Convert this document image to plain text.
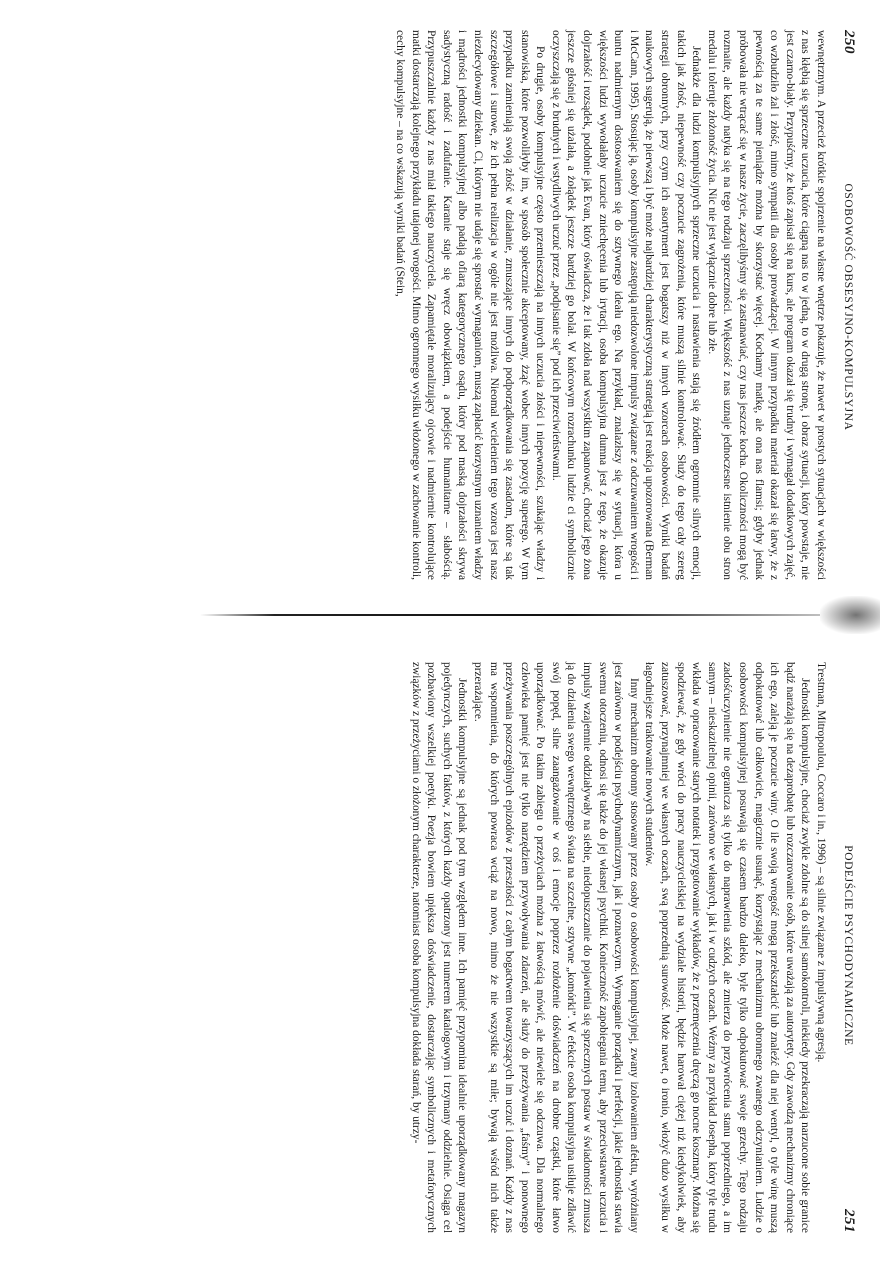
250
OSOBOWOŚĆ OBSESYJNO-KOMPULSYJNA

wewnętrznym. A przecież krótkie spojrzenie na własne wnętrze pokazuje, że nawet w prostych sytuacjach w większości z nas kłębią się sprzeczne uczucia, które ciągną nas to w jedną, to w drugą stronę, i obraz sytuacji, który powstaje, nie jest czarno-biały. Przypuśćmy, że ktoś zapisał się na kurs, ale program okazał się trudny i wymagał dodatkowych zajęć, co wzbudziło żal i złość, mimo sympatii dla osoby prowadzącej. W innym przypadku materiał okazał się łatwy, że z pewnością za te same pieniądze można by skorzystać więcej. Kochamy matkę, ale ona nas flamsi; gdyby jednak próbowała nie wtrącać się w nasze życie, zaczęlibyśmy się zastanawiać, czy nas jeszcze kocha. Okoliczności mogą być rozmaite, ale każdy natyka się na tego rodzaju sprzeczności. Większość z nas uznaje jednoczesne istnienie obu stron medalu i toleruje złożoność życia. Nic nie jest wyłącznie dobre lub złe.

Jednakże dla ludzi kompulsyjnych sprzeczne uczucia i nastawienia stają się źródłem ogromnie silnych emocji, takich jak złość, niepewność czy poczucie zagrożenia, które muszą silnie kontrolować. Służy do tego cały szereg strategii obronnych, przy czym ich asortyment jest bogatszy niż w innych wzorcach osobowości. Wyniki badań naukowych sugerują, że pierwszą i być może najbardziej charakterystyczną strategią jest reakcja upozorowana (Berman i McCann, 1995). Stosując ją, osoby kompulsyjne zastępują niedozwolone impulsy związane z odczuwaniem wrogości i buntu nadmiernym dostosowaniem się do sztywnego ideału ego. Na przykład, znalazłszy się w sytuacji, która u większości ludzi wywołałaby uczucie zniechęcenia lub irytacji, osoba kompulsyjna dumna jest z tego, że okazuje dojrzałość i rozsądek, podobnie jak Evan, który oświadcza, że i tak zdoła nad wszystkim zapanować, chociaż jego żona jeszcze głośniej się użalała, a żołądek jeszcze bardziej go bolał. W końcowym rozrachunku ludzie ci symbolicznie oczyszczają się z brudnych i wstydliwych uczuć przez „podpisanie się” pod ich przeciwieństwami.

Po drugie, osoby kompulsyjne często przemieszczają na innych uczucia złości i niepewności, szukając władzy i stanowiska, które pozwoliłyby im, w sposób społecznie akceptowany, żząć wobec innych pozycję superego. W tym przypadku zamieniają swoją złość w działanie, zmuszające innych do podporządkowania się zasadom, które są tak szczegółowe i surowe, że ich pełna realizacja w ogóle nie jest możliwa. Nieomal wcieleniem tego wzorca jest nasz niezdecydowany dziekan. Ci, którym nie udaje się sprostać wymaganiom, muszą zapłacić korzystnym uznaniem władzy i mądrości jednostki kompulsyjnej albo padają ofiarą kategorycznego osądu, który pod maską dojrzałości skrywa sadystyczną radość i zadufanie. Karanie staje się wręcz obowiązkiem, a podejście humanitarne – słabością. Przypuszczalnie każdy z nas miał takiego nauczyciela. Zapamiętale moralizujący ojcowie i nadmiernie kontrolujące matki dostarczają kolejnego przykładu utajonej wrogości. Mimo ogromnego wysiłku włożonego w zachowanie kontroli, cechy kompulsyjne – na co wskazują wyniki badań (Stein,

PODEJŚCIE PSYCHODYNAMICZNE
251

Trestman, Mitropoulou, Coccaro i in., 1996) – są silnie związane z impulsywną agresją.

Jednostki kompulsyjne, chociaż zwykle zdolne są do silnej samokontroli, niekiedy przekraczają narzucone sobie granice bądź narażają się na dezaprobatę lub rozczarowanie osób, które uważają za autorytety. Gdy zawodzą mechanizmy chroniące ich ego, zaleją je poczucie winy. O ile swoją wrogość mogą przekształcić lub znaleźć dla niej wentyl, o tyle winę muszą odpokutować lub całkowicie, magicznie usunąć, korzystając z mechanizmu obronnego zwanego odczynianiem. Ludzie o osobowości kompulsyjnej posuwają się czasem bardzo daleko, byle tylko odpokutować swoje grzechy. Tego rodzaju zadośćuczynienie nie ogranicza się tylko do naprawienia szkód, ale zmierza do przywrócenia stanu poprzedniego, a im samym – nieskazitelnej opinii, zarówno we własnych, jak i w cudzych oczach. Weźmy za przykład Josepha, który tyle trudu wkłada w opracowanie starych notatek i przygotowanie wykładów, że z przemęczenia dręczą go nocne koszmary. Można się spodziewać, że gdy wróci do pracy nauczycielskiej na wydziale historii, będzie harował ciężej niż kiedykolwiek, aby zatuszować, przynajmniej we własnych oczach, swą poprzednią surowość. Może nawet, o ironio, włożyć dużo wysiłku w łagodniejsze traktowanie nowych studentów.

Inny mechanizm obronny stosowany przez osoby o osobowości kompulsyjnej, zwany izolowaniem afektu, wyróżniany jest zarówno w podejściu psychodynamicznym, jak i poznawczym. Wymaganie porządku i perfekcji, jakie jednostka stawia swemu otoczeniu, odnosi się także do jej własnej psychiki. Konieczność zapobiegania temu, aby przeciwstawne uczucia i impulsy wzajemnie oddziaływały na siebie, niedopuszczanie do pojawienia się sprzecznych postaw w świadomości zmusza ją do działenia swego wewnętrznego świata na szczelne, sztywne „komórki”. W efekcie osoba kompulsyjna usiłuje zdławić swój popęd, silne zaangażowanie w coś i emocje poprzez rozłożenie doświadczeń na drobne cząstki, które łatwo uporządkować. Po takim zabiegu o przeżyciach można z łatwością mówić, ale niewiele się odczuwa. Dla normalnego człowieka pamięć jest nie tylko narzędziem przywoływania zdarzeń, ale służy do przeżywania „faśmy” i ponownego przeżywania poszczególnych epizodów z przeszłości z całym bogactwem towarzyszących im uczuć i doznań. Każdy z nas ma wspomnienia, do których powraca wciąż na nowo, mimo że nie wszystkie są miłe; bywają wśród nich także przerażające.

Jednostki kompulsyjne są jednak pod tym względem inne. Ich pamięć przypomina idealnie uporządkowany magazyn pojedynczych, suchych faktów, z których każdy opatrzony jest numerem katalogowym i trzymany oddzielnie. Osiąga cel pozbawiony wszelkiej poetyki. Poezja bowiem upiększa doświadczenie, dostarczając symbolicznych i metaforycznych związków z przeżyciami o złożonym charakterze, natomiast osoba kompulsyjna dokłada starań, by utrzy-
